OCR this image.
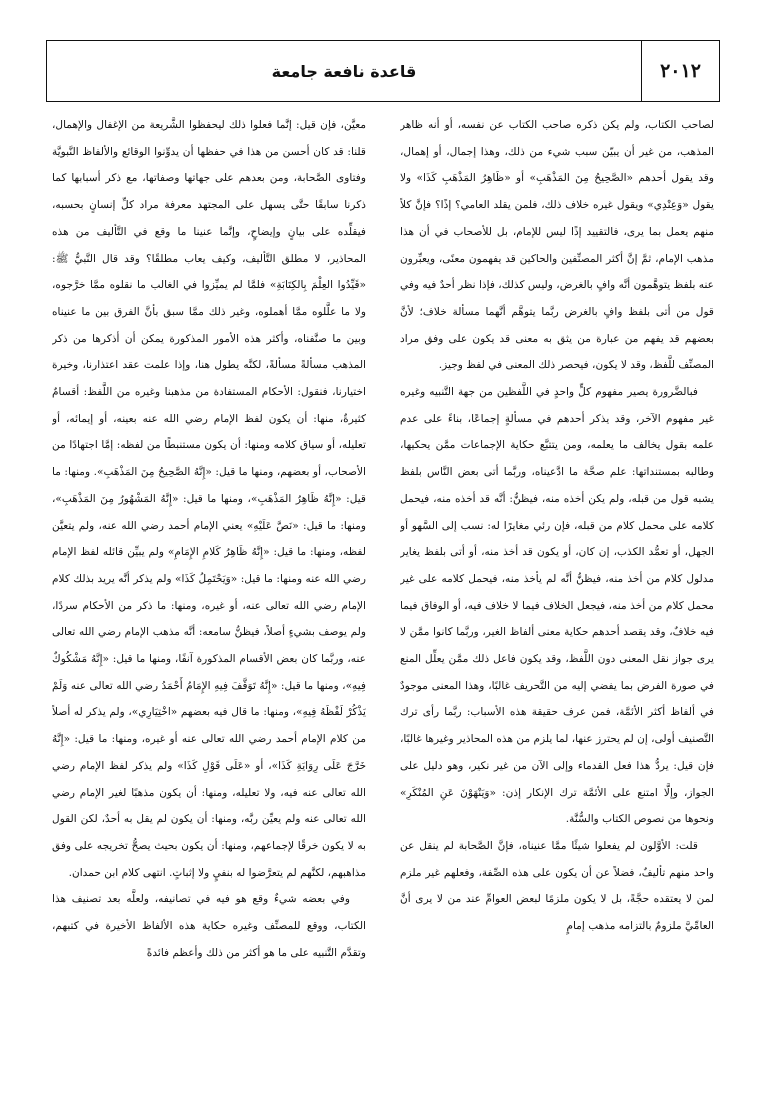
٢٠١٢
قاعدة نافعة جامعة

لصاحب الكتاب، ولم يكن ذكره صاحب الكتاب عن نفسه، أو أنه ظاهر المذهب، من غير أن يبيّن سبب شيء من ذلك، وهذا إجمال، أو إهمال، وقد يقول أحدهم «الصَّحِيحُ مِنَ المَذْهَبِ» أو «ظَاهِرُ المَذْهَبِ كَذَا» ولا يقول «وَعِنْدِي» ويقول غيره خلاف ذلك، فلمن يقلد العامي؟ إذًا؟ فإنَّ كلاً منهم يعمل بما يرى، فالتقييد إذًا ليس للإمام، بل للأصحاب في أن هذا مذهب الإمام، ثمَّ إنَّ أكثر المصنِّفين والحاكين قد يفهمون معنًى، ويعبِّرون عنه بلفظ يتوهَّمون أنَّه وافٍ بالغرض، وليس كذلك، فإذا نظر أحدٌ فيه وفي قول من أتى بلفظ وافٍ بالغرض ربَّما يتوهَّم أنَّهما مسألة خلاف؛ لأنَّ بعضهم قد يفهم من عبارة من يثق به معنى قد يكون على وفق مراد المصنِّف للَّفظ، وقد لا يكون، فيحصر ذلك المعنى في لفظ وجيز.

فبالضَّرورة يصير مفهوم كلٍّ واحدٍ في اللَّفظين من جهة التَّنبيه وغيره غير مفهوم الآخر، وقد يذكر أحدهم في مسألةٍ إجماعًا، بناءً على عدم علمه بقول يخالف ما يعلمه، ومن يتتبَّع حكاية الإجماعات ممَّن يحكيها، وطالبه بمستنداتها: علم صحَّة ما ادَّعيناه، وربَّما أتى بعض النَّاس بلفظ يشبه قول من قبله، ولم يكن أخذه منه، فيظنُّ: أنَّه قد أخذه منه، فيحمل كلامه على محمل كلام من قبله، فإن رئي مغايرًا له: نسب إلى السَّهو أو الجهل، أو تعمُّد الكذب، إن كان، أو يكون قد أخذ منه، أو أتى بلفظ يغاير مدلول كلام من أخذ منه، فيظنُّ أنَّه لم يأخذ منه، فيحمل كلامه على غير محمل كلام من أخذ منه، فيجعل الخلاف فيما لا خلاف فيه، أو الوفاق فيما فيه خلافٌ، وقد يقصد أحدهم حكاية معنى ألفاظ الغير، وربَّما كانوا ممَّن لا يرى جواز نقل المعنى دون اللَّفظ، وقد يكون فاعل ذلك ممَّن يعلِّل المنع في صورة الفرض بما يفضي إليه من التَّحريف غالبًا، وهذا المعنى موجودٌ في ألفاظ أكثر الأئمَّة، فمن عرف حقيقة هذه الأسباب: ربَّما رأى ترك التَّصنيف أولى، إن لم يحترز عنها، لما يلزم من هذه المحاذير وغيرها غالبًا، فإن قيل: يردُّ هذا فعل القدماء وإلى الآن من غير نكير، وهو دليل على الجواز، وإلَّا امتنع على الأئمَّة ترك الإنكار إذن: «وَيَنْهَوْنَ عَنِ المُنْكَرِ» ونحوها من نصوص الكتاب والسُّنَّة.

قلت: الأوَّلون لم يفعلوا شيئًا ممَّا عنيناه، فإنَّ الصَّحابة لم ينقل عن واحد منهم تأليفٌ، فضلاً عن أن يكون على هذه الصِّفة، وفعلهم غير ملزم لمن لا يعتقده حجَّةً، بل لا يكون ملزمًا لبعض العوامِّ عند من لا يرى أنَّ العامِّيَّ ملزومٌ بالتزامه مذهب إمامٍ

معيَّن، فإن قيل: إنَّما فعلوا ذلك ليحفظوا الشَّريعة من الإغفال والإهمال، قلنا: قد كان أحسن من هذا في حفظها أن يدوِّنوا الوقائع والألفاظ النَّبويَّة وفتاوى الصَّحابة، ومن بعدهم على جهاتها وصفاتها، مع ذكر أسبابها كما ذكرنا سابقًا حتَّى يسهل على المجتهد معرفة مراد كلِّ إنسانٍ بحسبه، فيقلِّده على بيانٍ وإيضاحٍ، وإنَّما عنينا ما وقع في التَّأليف من هذه المحاذير، لا مطلق التَّأليف، وكيف يعاب مطلقًا؟ وقد قال النَّبيُّ ﷺ: «قَيِّدُوا العِلْمَ بِالكِتَابَةِ» فلمَّا لم يميِّزوا في الغالب ما نقلوه ممَّا خرَّجوه، ولا ما علَّلوه ممَّا أهملوه، وغير ذلك ممَّا سبق بأنَّ الفرق بين ما عنيناه وبين ما صنَّفناه، وأكثر هذه الأمور المذكورة يمكن أن أذكرها من ذكر المذهب مسألةً مسألةً، لكنَّه يطول هنا، وإذا علمت عقد اعتذارنا، وخيرة اختيارنا، فنقول: الأحكام المستفادة من مذهبنا وغيره من اللَّفظ: أقسامٌ كثيرةٌ، منها: أن يكون لفظ الإمام رضي الله عنه بعينه، أو إيمائه، أو تعليله، أو سياق كلامه ومنها: أن يكون مستنبطًا من لفظه: إمَّا اجتهادًا من الأصحاب، أو بعضهم، ومنها ما قيل: «إِنَّهُ الصَّحِيحُ مِنَ المَذْهَبِ». ومنها: ما قيل: «إِنَّهُ ظَاهِرُ المَذْهَبِ»، ومنها ما قيل: «إِنَّهُ المَشْهُورُ مِنَ المَذْهَبِ»، ومنها: ما قيل: «نَصَّ عَلَيْهِ» يعني الإمام أحمد رضي الله عنه، ولم يتعيَّن لفظه، ومنها: ما قيل: «إِنَّهُ ظَاهِرُ كَلامِ الإِمَامِ» ولم يبيِّن قائله لفظ الإمام رضي الله عنه ومنها: ما قيل: «وَيَحْتَمِلُ كَذَا» ولم يذكر أنَّه يريد بذلك كلام الإمام رضي الله تعالى عنه، أو غيره، ومنها: ما ذكر من الأحكام سردًا، ولم يوصف بشيءٍ أصلاً، فيظنُّ سامعه: أنَّه مذهب الإمام رضي الله تعالى عنه، وربَّما كان بعض الأقسام المذكورة آنفًا، ومنها ما قيل: «إِنَّهُ مَشْكُوكٌ فِيهِ»، ومنها ما قيل: «إِنَّهُ تَوَقَّفَ فِيهِ الإِمَامُ أَحْمَدُ رضي الله تعالى عنه وَلَمْ يَذْكُرْ لَفْظَهُ فِيهِ»، ومنها: ما قال فيه بعضهم «اخْتِيَارِي»، ولم يذكر له أصلاً من كلام الإمام أحمد رضي الله تعالى عنه أو غيره، ومنها: ما قيل: «إِنَّهُ خَرَّجَ عَلَى رِوَايَةِ كَذَا»، أو «عَلَى قَوْلِ كَذَا» ولم يذكر لفظ الإمام رضي الله تعالى عنه فيه، ولا تعليله، ومنها: أن يكون مذهبًا لغير الإمام رضي الله تعالى عنه ولم يعيِّن ربَّه، ومنها: أن يكون لم يقل به أحدٌ، لكن القول به لا يكون خرقًا لإجماعهم، ومنها: أن يكون بحيث يصحُّ تخريجه على وفق مذاهبهم، لكنَّهم لم يتعرَّضوا له بنفيٍ ولا إثباتٍ. انتهى كلام ابن حمدان.

وفي بعضه شيءٌ وقع هو فيه في تصانيفه، ولعلَّه بعد تصنيف هذا الكتاب، ووقع للمصنِّف وغيره حكاية هذه الألفاظ الأخيرة في كتبهم، وتقدَّم التَّنبيه على ما هو أكثر من ذلك وأعظم فائدةً
